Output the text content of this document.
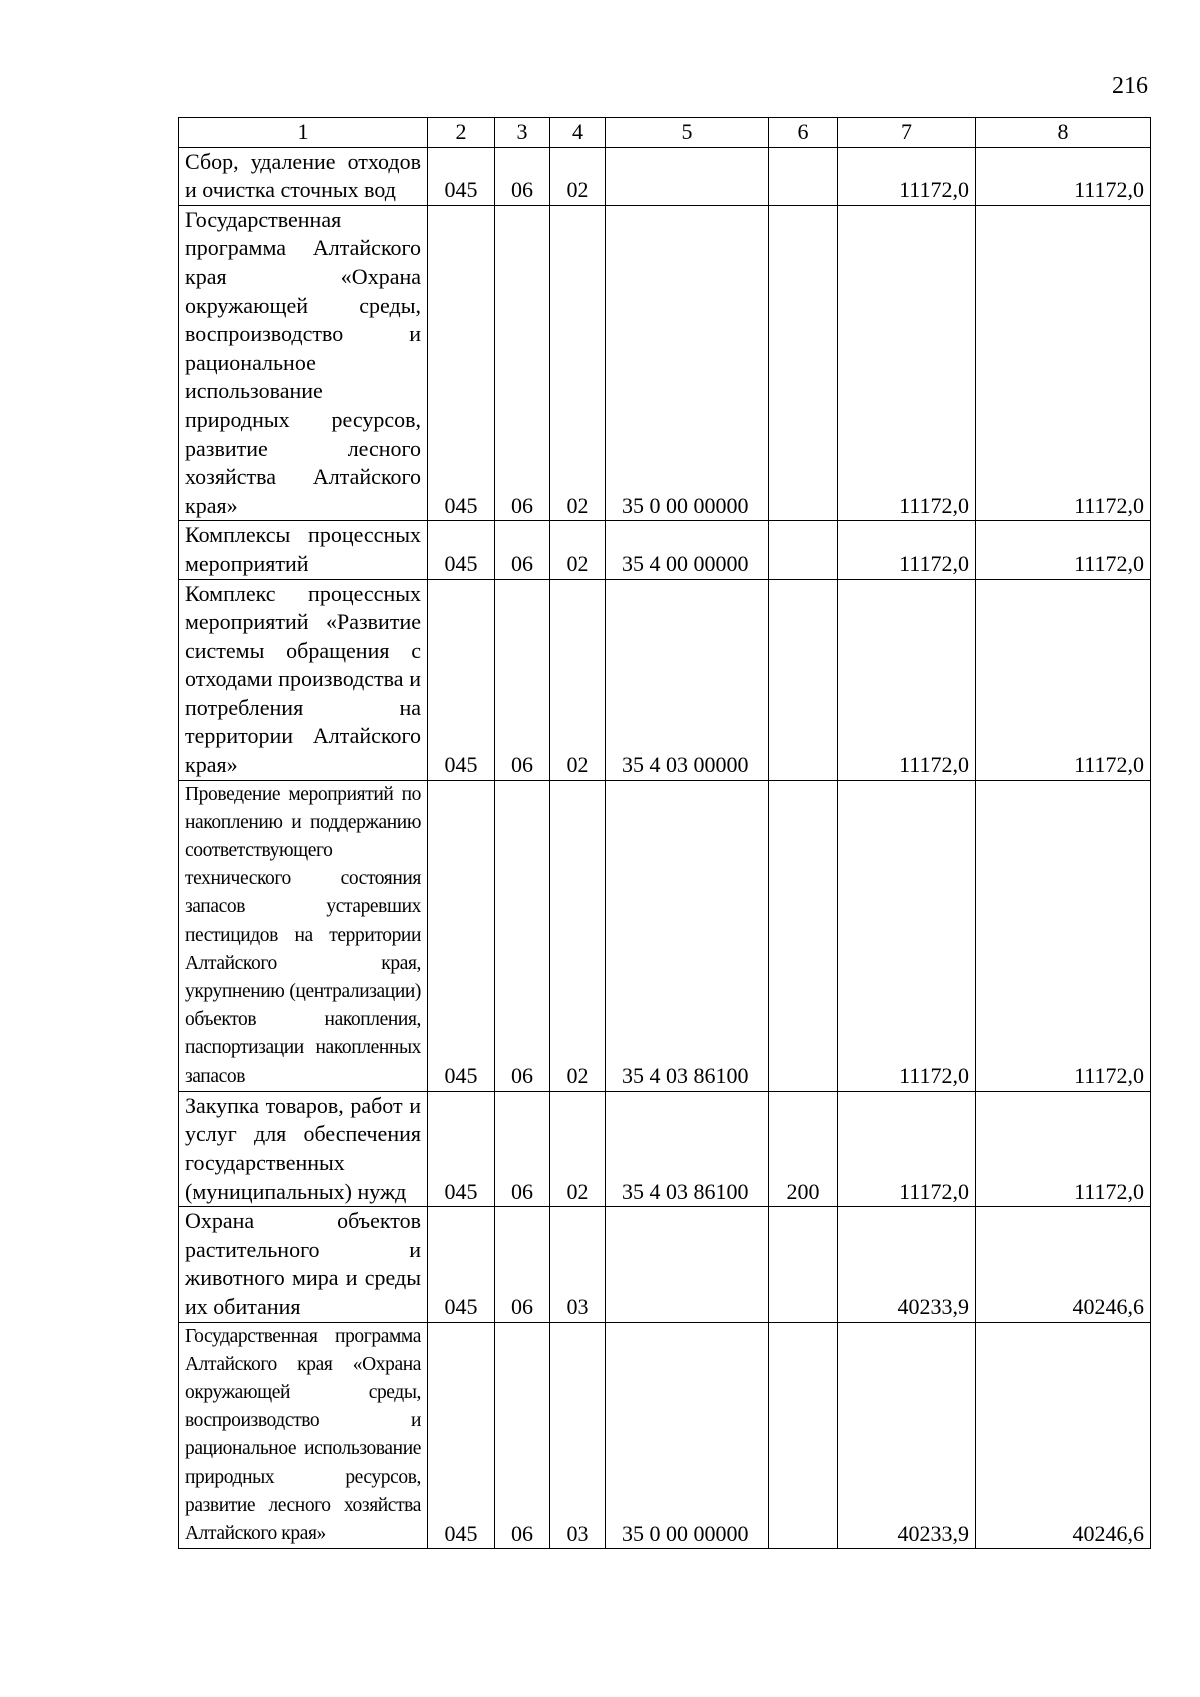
216
1	2	3	4	5	6	7	8
Сбор, удаление отходов и очистка сточных вод	045	06	02			11172,0	11172,0
Государственная программа Алтайского края «Охрана окружающей среды, воспроизводство и рациональное использование природных ресурсов, развитие лесного хозяйства Алтайского края»	045	06	02	35 0 00 00000		11172,0	11172,0
Комплексы процессных мероприятий	045	06	02	35 4 00 00000		11172,0	11172,0
Комплекс процессных мероприятий «Развитие системы обращения с отходами производства и потребления на территории Алтайского края»	045	06	02	35 4 03 00000		11172,0	11172,0
Проведение мероприятий по накоплению и поддержанию соответствующего технического состояния запасов устаревших пестицидов на территории Алтайского края, укрупнению (централизации) объектов накопления, паспортизации накопленных запасов	045	06	02	35 4 03 86100		11172,0	11172,0
Закупка товаров, работ и услуг для обеспечения государственных (муниципальных) нужд	045	06	02	35 4 03 86100	200	11172,0	11172,0
Охрана объектов растительного и животного мира и среды их обитания	045	06	03			40233,9	40246,6
Государственная программа Алтайского края «Охрана окружающей среды, воспроизводство и рациональное использование природных ресурсов, развитие лесного хозяйства Алтайского края»	045	06	03	35 0 00 00000		40233,9	40246,6
